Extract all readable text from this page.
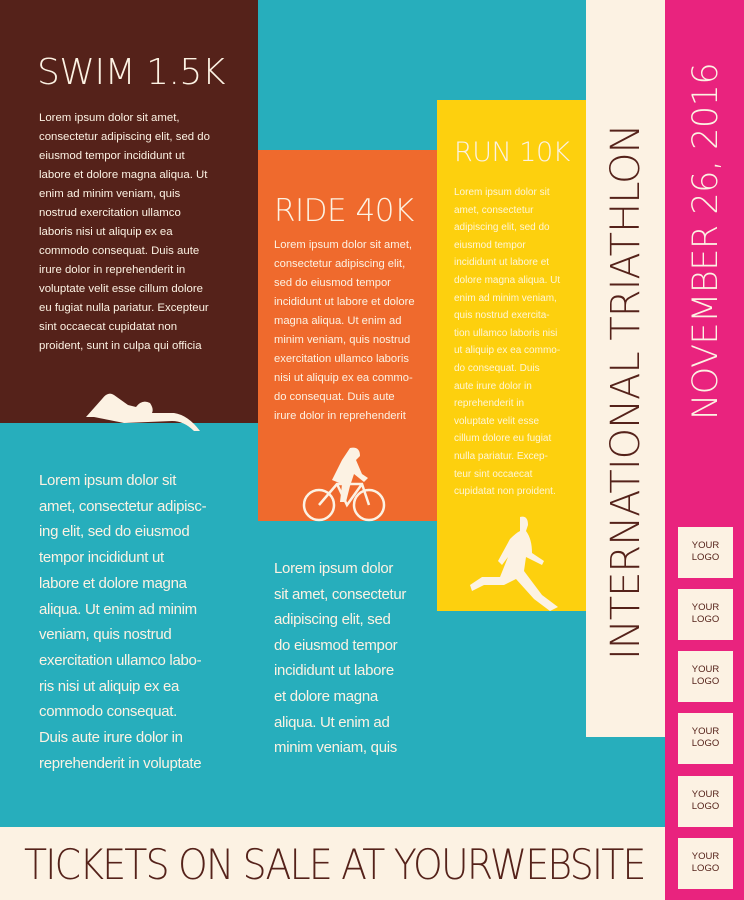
SWIM 1.5K
Lorem ipsum dolor sit amet,
consectetur adipiscing elit, sed do
eiusmod tempor incididunt ut
labore et dolore magna aliqua. Ut
enim ad minim veniam, quis
nostrud exercitation ullamco
laboris nisi ut aliquip ex ea
commodo consequat. Duis aute
irure dolor in reprehenderit in
voluptate velit esse cillum dolore
eu fugiat nulla pariatur. Excepteur
sint occaecat cupidatat non
proident, sunt in culpa qui officia
RIDE 40K
Lorem ipsum dolor sit amet,
consectetur adipiscing elit,
sed do eiusmod tempor
incididunt ut labore et dolore
magna aliqua. Ut enim ad
minim veniam, quis nostrud
exercitation ullamco laboris
nisi ut aliquip ex ea commo-
do consequat. Duis aute
irure dolor in reprehenderit
RUN 10K
Lorem ipsum dolor sit
amet, consectetur
adipiscing elit, sed do
eiusmod tempor
incididunt ut labore et
dolore magna aliqua. Ut
enim ad minim veniam,
quis nostrud exercita-
tion ullamco laboris nisi
ut aliquip ex ea commo-
do consequat. Duis
aute irure dolor in
reprehenderit in
voluptate velit esse
cillum dolore eu fugiat
nulla pariatur. Excep-
teur sint occaecat
cupidatat non proident.
Lorem ipsum dolor sit
amet, consectetur adipisc-
ing elit, sed do eiusmod
tempor incididunt ut
labore et dolore magna
aliqua. Ut enim ad minim
veniam, quis nostrud
exercitation ullamco labo-
ris nisi ut aliquip ex ea
commodo consequat.
Duis aute irure dolor in
reprehenderit in voluptate
Lorem ipsum dolor
sit amet, consectetur
adipiscing elit, sed
do eiusmod tempor
incididunt ut labore
et dolore magna
aliqua. Ut enim ad
minim veniam, quis
INTERNATIONAL TRIATHLON NOVEMBER 26, 2016
TICKETS ON SALE AT YOURWEBSITE
YOUR
LOGO
YOUR
LOGO
YOUR
LOGO
YOUR
LOGO
YOUR
LOGO
YOUR
LOGO
